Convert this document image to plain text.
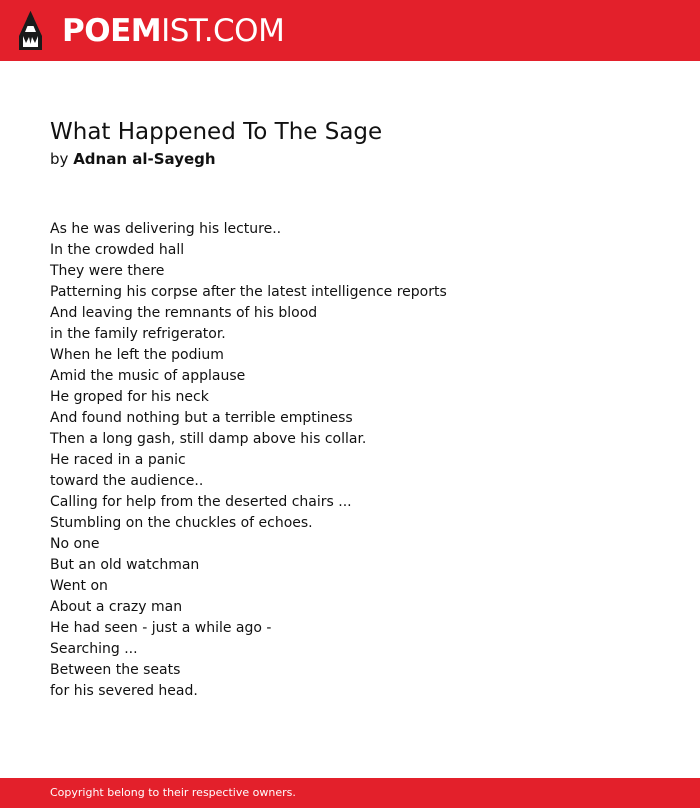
POEMIST.COM
What Happened To The Sage
by Adnan al-Sayegh
As he was delivering his lecture..
In the crowded hall
They were there
Patterning his corpse after the latest intelligence reports
And leaving the remnants of his blood
in the family refrigerator.
When he left the podium
Amid the music of applause
He groped for his neck
And found nothing but a terrible emptiness
Then a long gash, still damp above his collar.
He raced in a panic
toward the audience..
Calling for help from the deserted chairs ...
Stumbling on the chuckles of echoes.
No one
But an old watchman
Went on
About a crazy man
He had seen - just a while ago -
Searching ...
Between the seats
for his severed head.
Copyright belong to their respective owners.
